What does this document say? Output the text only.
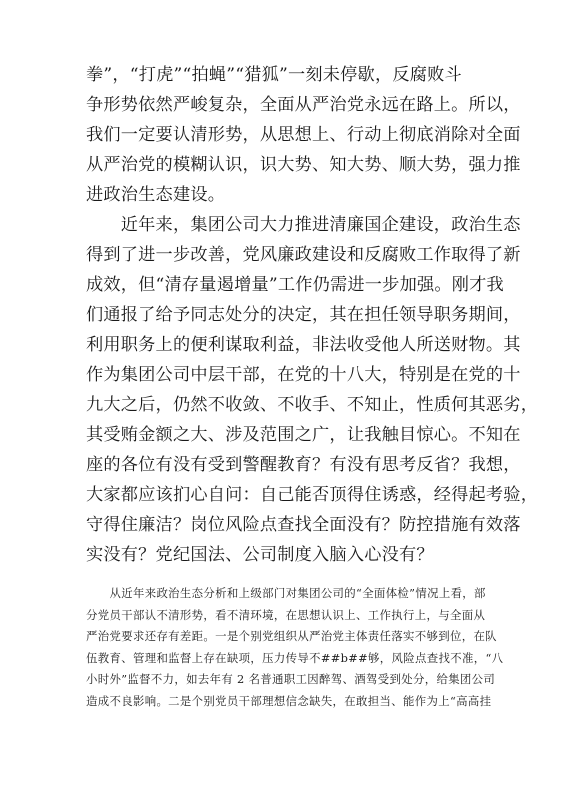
拳”，“打虎”“拍蝇”“猎狐”一刻未停歇，反腐败斗
争形势依然严峻复杂，全面从严治党永远在路上。所以，
我们一定要认清形势，从思想上、行动上彻底消除对全面
从严治党的模糊认识，识大势、知大势、顺大势，强力推
进政治生态建设。
　　近年来，集团公司大力推进清廉国企建设，政治生态
得到了进一步改善，党风廉政建设和反腐败工作取得了新
成效，但“清存量遏增量”工作仍需进一步加强。刚才我
们通报了给予同志处分的决定，其在担任领导职务期间，
利用职务上的便利谋取利益，非法收受他人所送财物。其
作为集团公司中层干部，在党的十八大，特别是在党的十
九大之后，仍然不收敛、不收手、不知止，性质何其恶劣，
其受贿金额之大、涉及范围之广，让我触目惊心。不知在
座的各位有没有受到警醒教育？有没有思考反省？我想，
大家都应该扪心自问：自己能否顶得住诱惑，经得起考验，
守得住廉洁？岗位风险点查找全面没有？防控措施有效落
实没有？党纪国法、公司制度入脑入心没有？
　　从近年来政治生态分析和上级部门对集团公司的“全面体检”情况上看，部
分党员干部认不清形势，看不清环境，在思想认识上、工作执行上，与全面从
严治党要求还存有差距。一是个别党组织从严治党主体责任落实不够到位，在队
伍教育、管理和监督上存在缺项，压力传导不##b##够，风险点查找不准，“八
小时外”监督不力，如去年有 2 名普通职工因醉驾、酒驾受到处分，给集团公司
造成不良影响。二是个别党员干部理想信念缺失，在敢担当、能作为上“高高挂
